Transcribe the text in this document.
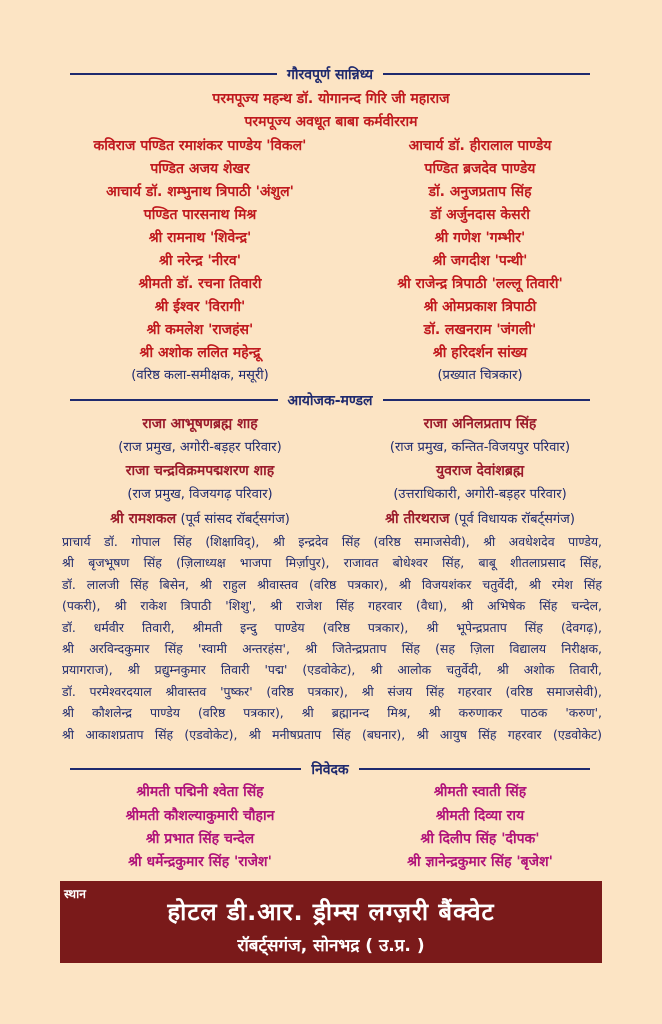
गौरवपूर्ण सान्निध्य
परमपूज्य महन्थ डॉ. योगानन्द गिरि जी महाराज
परमपूज्य अवधूत बाबा कर्मवीरराम
कविराज पण्डित रमाशंकर पाण्डेय 'विकल'	आचार्य डॉ. हीरालाल पाण्डेय
पण्डित अजय शेखर	पण्डित ब्रजदेव पाण्डेय
आचार्य डॉ. शम्भुनाथ त्रिपाठी 'अंशुल'	डॉ. अनुजप्रताप सिंह
पण्डित पारसनाथ मिश्र	डॉ अर्जुनदास केसरी
श्री रामनाथ 'शिवेन्द्र'	श्री गणेश 'गम्भीर'
श्री नरेन्द्र 'नीरव'	श्री जगदीश 'पन्थी'
श्रीमती डॉ. रचना तिवारी	श्री राजेन्द्र त्रिपाठी 'लल्लू तिवारी'
श्री ईश्वर 'विरागी'	श्री ओमप्रकाश त्रिपाठी
श्री कमलेश 'राजहंस'	डॉ. लखनराम 'जंगली'
श्री अशोक ललित महेन्द्रू	श्री हरिदर्शन सांख्य
(वरिष्ठ कला-समीक्षक, मसूरी)	(प्रख्यात चित्रकार)
आयोजक-मण्डल
राजा आभूषणब्रह्म शाह	राजा अनिलप्रताप सिंह
(राज प्रमुख, अगोरी-बड़हर परिवार)	(राज प्रमुख, कन्तित-विजयपुर परिवार)
राजा चन्द्रविक्रमपद्मशरण शाह	युवराज देवांशब्रह्म
(राज प्रमुख, विजयगढ़ परिवार)	(उत्तराधिकारी, अगोरी-बड़हर परिवार)
श्री रामशकल (पूर्व सांसद रॉबर्ट्सगंज)	श्री तीरथराज (पूर्व विधायक रॉबर्ट्सगंज)
प्राचार्य डॉ. गोपाल सिंह (शिक्षाविद्), श्री इन्द्रदेव सिंह (वरिष्ठ समाजसेवी), श्री अवधेशदेव पाण्डेय,
श्री बृजभूषण सिंह (ज़िलाध्यक्ष भाजपा मिर्ज़ापुर), राजावत बोधेश्वर सिंह, बाबू शीतलाप्रसाद सिंह,
डॉ. लालजी सिंह बिसेन, श्री राहुल श्रीवास्तव (वरिष्ठ पत्रकार), श्री विजयशंकर चतुर्वेदी, श्री रमेश सिंह
(पकरी), श्री राकेश त्रिपाठी 'शिशु', श्री राजेश सिंह गहरवार (वैधा), श्री अभिषेक सिंह चन्देल,
डॉ. धर्मवीर तिवारी, श्रीमती इन्दु पाण्डेय (वरिष्ठ पत्रकार), श्री भूपेन्द्रप्रताप सिंह (देवगढ़),
श्री अरविन्दकुमार सिंह 'स्वामी अन्तरहंस', श्री जितेन्द्रप्रताप सिंह (सह ज़िला विद्यालय निरीक्षक,
प्रयागराज), श्री प्रद्युम्नकुमार तिवारी 'पद्म' (एडवोकेट), श्री आलोक चतुर्वेदी, श्री अशोक तिवारी,
डॉ. परमेश्वरदयाल श्रीवास्तव 'पुष्कर' (वरिष्ठ पत्रकार), श्री संजय सिंह गहरवार (वरिष्ठ समाजसेवी),
श्री कौशलेन्द्र पाण्डेय (वरिष्ठ पत्रकार), श्री ब्रह्मानन्द मिश्र, श्री करुणाकर पाठक 'करुण',
श्री आकाशप्रताप सिंह (एडवोकेट), श्री मनीषप्रताप सिंह (बघनार), श्री आयुष सिंह गहरवार (एडवोकेट)
निवेदक
श्रीमती पद्मिनी श्वेता सिंह	श्रीमती स्वाती सिंह
श्रीमती कौशल्याकुमारी चौहान	श्रीमती दिव्या राय
श्री प्रभात सिंह चन्देल	श्री दिलीप सिंह 'दीपक'
श्री धर्मेन्द्रकुमार सिंह 'राजेश'	श्री ज्ञानेन्द्रकुमार सिंह 'बृजेश'
स्थान
होटल डी.आर. ड्रीम्स लग्ज़री बैंक्वेट
रॉबर्ट्सगंज, सोनभद्र ( उ.प्र. )
